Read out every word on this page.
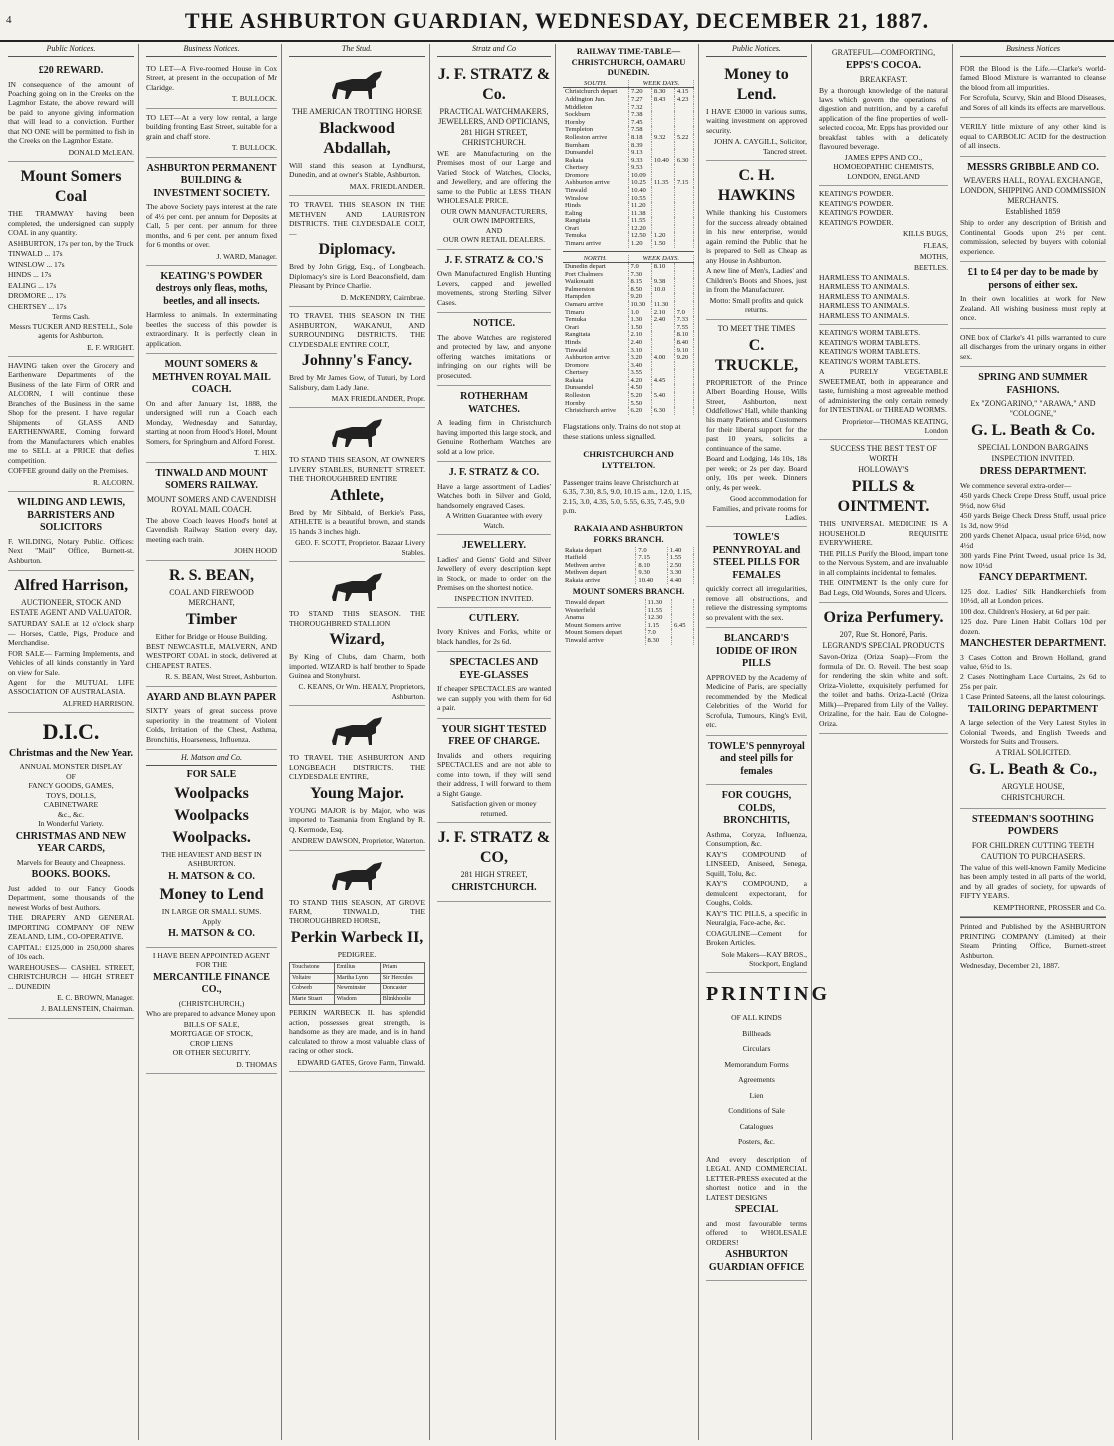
4	THE ASHBURTON GUARDIAN, WEDNESDAY, DECEMBER 21, 1887.
Public Notices.
£20 REWARD.

IN consequence of the amount of Poaching going on in the Creeks on the Lagmhor Estate, the above reward will be paid to anyone giving information that will lead to a conviction. Further that NO ONE will be permitted to fish in the Creeks on the Lagmhor Estate.

DONALD McLEAN.
Mount Somers Coal

THE TRAMWAY having been completed, the undersigned can supply COAL in any quantity.

ASHBURTON, 17s per ton, by the Truck

TINWALD ... 17s

WINSLOW ... 17s

HINDS ... 17s

EALING ... 17s

DROMORE ... 17s

CHERTSEY ... 17s

Terms Cash.
Messrs TUCKER AND RESTELL, Sole agents for Ashburton.
E. F. WRIGHT.

HAVING taken over the Grocery and Earthenware Departments of the Business of the late Firm of ORR and ALCORN, I will continue these Branches of the Business in the same Shop for the present. I have regular Shipments of GLASS AND EARTHENWARE, Coming forward from the Manufacturers which enables me to SELL at a PRICE that defies competition.

COFFEE ground daily on the Premises.

R. ALCORN.
WILDING AND LEWIS, BARRISTERS AND SOLICITORS

F. WILDING, Notary Public. Offices: Next "Mail" Office, Burnett-st. Ashburton.

Alfred Harrison,
AUCTIONEER, STOCK AND ESTATE AGENT AND VALUATOR.

SATURDAY SALE at 12 o'clock sharp — Horses, Cattle, Pigs, Produce and Merchandise.

FOR SALE— Farming Implements, and Vehicles of all kinds constantly in Yard on view for Sale.

Agent for the MUTUAL LIFE ASSOCIATION OF AUSTRALASIA.

ALFRED HARRISON.
D.I.C.
Christmas and the New Year.
ANNUAL MONSTER DISPLAY
OF
FANCY GOODS, GAMES,
TOYS, DOLLS,
CABINETWARE
&c., &c.
In Wonderful Variety.
CHRISTMAS AND NEW YEAR CARDS,
Marvels for Beauty and Cheapness.
BOOKS. BOOKS.

Just added to our Fancy Goods Department, some thousands of the newest Works of best Authors.

THE DRAPERY AND GENERAL IMPORTING COMPANY OF NEW ZEALAND, LIM., CO-OPERATIVE.

CAPITAL: £125,000 in 250,000 shares of 10s each.

WAREHOUSES— CASHEL STREET, CHRISTCHURCH — HIGH STREET ... DUNEDIN

E. C. BROWN, Manager.
J. BALLENSTEIN, Chairman.
Business Notices.

TO LET—A Five-roomed House in Cox Street, at present in the occupation of Mr Claridge.

T. BULLOCK.

TO LET—At a very low rental, a large building fronting East Street, suitable for a grain and chaff store.

T. BULLOCK.
ASHBURTON PERMANENT BUILDING & INVESTMENT SOCIETY.

The above Society pays interest at the rate of 4½ per cent. per annum for Deposits at Call, 5 per cent. per annum for three months, and 6 per cent. per annum fixed for 6 months or over.

J. WARD, Manager.
KEATING'S POWDER destroys only fleas, moths, beetles, and all insects.

Harmless to animals. In exterminating beetles the success of this powder is extraordinary. It is perfectly clean in application.

MOUNT SOMERS & METHVEN ROYAL MAIL COACH.

On and after January 1st, 1888, the undersigned will run a Coach each Monday, Wednesday and Saturday, starting at noon from Hood's Hotel, Mount Somers, for Springburn and Alford Forest.

T. HIX.
TINWALD AND MOUNT SOMERS RAILWAY.
MOUNT SOMERS AND CAVENDISH ROYAL MAIL COACH.

The above Coach leaves Hood's hotel at Cavendish Railway Station every day, meeting each train.

JOHN HOOD
R. S. BEAN,
COAL AND FIREWOOD MERCHANT,
Timber
Either for Bridge or House Building.

BEST NEWCASTLE, MALVERN, AND WESTPORT COAL in stock, delivered at CHEAPEST RATES.

R. S. BEAN, West Street, Ashburton.
AYARD AND BLAYN PAPER

SIXTY years of great success prove superiority in the treatment of Violent Colds, Irritation of the Chest, Asthma, Bronchitis, Hoarseness, Influenza.

H. Matson and Co.
FOR SALE
Woolpacks
Woolpacks
Woolpacks.
THE HEAVIEST AND BEST IN ASHBURTON.
H. MATSON & CO.
Money to Lend
IN LARGE OR SMALL SUMS.
Apply
H. MATSON & CO.
I HAVE BEEN APPOINTED AGENT FOR THE
MERCANTILE FINANCE CO.,
(CHRISTCHURCH,)

Who are prepared to advance Money upon

BILLS OF SALE,
MORTGAGE OF STOCK,
CROP LIENS
OR OTHER SECURITY.
D. THOMAS
The Stud.
THE AMERICAN TROTTING HORSE
Blackwood Abdallah,

Will stand this season at Lyndhurst, Dunedin, and at owner's Stable, Ashburton.

MAX. FRIEDLANDER.

TO TRAVEL THIS SEASON IN THE METHVEN AND LAURISTON DISTRICTS. THE CLYDESDALE COLT,—

Diplomacy.

Bred by John Grigg, Esq., of Longbeach. Diplomacy's sire is Lord Beaconsfield, dam Pleasant by Prince Charlie.

D. McKENDRY, Cairnbrae.

TO TRAVEL THIS SEASON IN THE ASHBURTON, WAKANUI, AND SURROUNDING DISTRICTS. THE CLYDESDALE ENTIRE COLT,

Johnny's Fancy.

Bred by Mr James Gow, of Tuturi, by Lord Salisbury, dam Lady Jane.

MAX FRIEDLANDER, Propr.

TO STAND THIS SEASON, AT OWNER'S LIVERY STABLES, BURNETT STREET. THE THOROUGHBRED ENTIRE

Athlete,

Bred by Mr Sibbald, of Berkie's Pass, ATHLETE is a beautiful brown, and stands 15 hands 3 inches high.

GEO. F. SCOTT, Proprietor. Bazaar Livery Stables.

TO STAND THIS SEASON. THE THOROUGHBRED STALLION

Wizard,

By King of Clubs, dam Charm, both imported. WIZARD is half brother to Spade Guinea and Stonyhurst.

C. KEANS, Or Wm. HEALY, Proprietors, Ashburton.

TO TRAVEL THE ASHBURTON AND LONGBEACH DISTRICTS. THE CLYDESDALE ENTIRE,

Young Major.

YOUNG MAJOR is by Major, who was imported to Tasmania from England by R. Q. Kermode, Esq.

ANDREW DAWSON, Proprietor, Waterton.

TO STAND THIS SEASON, AT GROVE FARM, TINWALD, THE THOROUGHBRED HORSE,

Perkin Warbeck II,
PEDIGREE.
Touchstone	Emilius	Priam
Voltaire	Martha Lynn	Sir Hercules
Cobweb	Newminster	Doncaster
Marie Stuart	Wisdom	Blinkhoolie

PERKIN WARBECK II. has splendid action, possesses great strength, is handsome as they are made, and is in hand calculated to throw a most valuable class of racing or other stock.

EDWARD GATES, Grove Farm, Tinwald.
Stratz and Co
J. F. STRATZ & Co.
PRACTICAL WATCHMAKERS, JEWELLERS, AND OPTICIANS,
281 HIGH STREET, CHRISTCHURCH.

WE are Manufacturing on the Premises most of our Large and Varied Stock of Watches, Clocks, and Jewellery, and are offering the same to the Public at LESS THAN WHOLESALE PRICE.

OUR OWN MANUFACTURERS,
OUR OWN IMPORTERS,
AND
OUR OWN RETAIL DEALERS.
J. F. STRATZ & CO.'S

Own Manufactured English Hunting Levers, capped and jewelled movements, strong Sterling Silver Cases.

NOTICE.

The above Watches are registered and protected by law, and anyone offering watches imitations or infringing on our rights will be prosecuted.

ROTHERHAM WATCHES.

A leading firm in Christchurch having imported this large stock, and Genuine Rotherham Watches are sold at a low price.

J. F. STRATZ & CO.

Have a large assortment of Ladies' Watches both in Silver and Gold, handsomely engraved Cases.

A Written Guarantee with every Watch.
JEWELLERY.

Ladies' and Gents' Gold and Silver Jewellery of every description kept in Stock, or made to order on the Premises on the shortest notice.

INSPECTION INVITED.
CUTLERY.

Ivory Knives and Forks, white or black handles, for 2s 6d.

SPECTACLES AND EYE-GLASSES

If cheaper SPECTACLES are wanted we can supply you with them for 6d a pair.

YOUR SIGHT TESTED FREE OF CHARGE.

Invalids and others requiring SPECTACLES and are not able to come into town, if they will send their address, I will forward to them a Sight Gauge.

Satisfaction given or money returned.
J. F. STRATZ & CO,
281 HIGH STREET,
CHRISTCHURCH.
RAILWAY TIME-TABLE—CHRISTCHURCH, OAMARU DUNEDIN.
SOUTH.	WEEK DAYS.		
Christchurch depart	7.20	8.30	4.15
Addington Jun.	7.27	8.43	4.23
Middleton	7.32		
Sockburn	7.38		
Hornby	7.45		
Templeton	7.58		
Rolleston arrive	8.18	9.32	5.22
Burnham	8.39		
Dunsandel	9.13		
Rakaia	9.33	10.40	6.30
Chertsey	9.53		
Dromore	10.09		
Ashburton arrive	10.25	11.35	7.15
Tinwald	10.40		
Winslow	10.55		
Hinds	11.20		
Ealing	11.38		
Rangitata	11.55		
Orari	12.20		
Temuka	12.50	1.20	
Timaru arrive	1.20	1.50	
NORTH.	WEEK DAYS.		
Dunedin depart	7.0	8.10	
Port Chalmers	7.30		
Waikouaiti	8.15	9.38	
Palmerston	8.50	10.0	
Hampden	9.20		
Oamaru arrive	10.30	11.30	
Timaru	1.0	2.10	7.0
Temuka	1.30	2.40	7.33
Orari	1.50		7.55
Rangitata	2.10		8.10
Hinds	2.40		8.40
Tinwald	3.10		9.10
Ashburton arrive	3.20	4.00	9.20
Dromore	3.40		
Chertsey	3.55		
Rakaia	4.20	4.45	
Dunsandel	4.50		
Rolleston	5.20	5.40	
Hornby	5.50		
Christchurch arrive	6.20	6.30	

Flagstations only. Trains do not stop at these stations unless signalled.

CHRISTCHURCH AND LYTTELTON.

Passenger trains leave Christchurch at 6.35, 7.30, 8.5, 9.0, 10.15 a.m., 12.0, 1.15, 2.15, 3.0, 4.35, 5.0, 5.55, 6.35, 7.45, 9.0 p.m.

RAKAIA AND ASHBURTON FORKS BRANCH.
Rakaia depart	7.0	1.40
Hatfield	7.15	1.55
Methven arrive	8.10	2.50
Methven depart	9.30	3.30
Rakaia arrive	10.40	4.40
MOUNT SOMERS BRANCH.
Tinwald depart	11.30	
Westerfield	11.55	
Anama	12.30	
Mount Somers arrive	1.15	6.45
Mount Somers depart	7.0	
Tinwald arrive	8.30	
Public Notices.
Money to Lend.

I HAVE £3000 in various sums, waiting investment on approved security.

JOHN A. CAYGILL, Solicitor, Tancred street.
C. H. HAWKINS

While thanking his Customers for the success already obtained in his new enterprise, would again remind the Public that he is prepared to Sell as Cheap as any House in Ashburton.

A new line of Men's, Ladies' and Children's Boots and Shoes, just in from the Manufacturer.

Motto: Small profits and quick returns.
TO MEET THE TIMES
C. TRUCKLE,

PROPRIETOR of the Prince Albert Boarding House, Wills Street, Ashburton, next Oddfellows' Hall, while thanking his many Patients and Customers for their liberal support for the past 10 years, solicits a continuance of the same.

Board and Lodging, 14s 10s, 18s per week; or 2s per day. Board only, 10s per week. Dinners only, 4s per week.

Good accommodation for Families, and private rooms for Ladies.
TOWLE'S PENNYROYAL and STEEL PILLS FOR FEMALES

quickly correct all irregularities, remove all obstructions, and relieve the distressing symptoms so prevalent with the sex.

BLANCARD'S IODIDE OF IRON PILLS

APPROVED by the Academy of Medicine of Paris, are specially recommended by the Medical Celebrities of the World for Scrofula, Tumours, King's Evil, etc.

TOWLE'S pennyroyal and steel pills for females
FOR COUGHS, COLDS, BRONCHITIS,

Asthma, Coryza, Influenza, Consumption, &c.

KAY'S COMPOUND of LINSEED, Aniseed, Senega, Squill, Tolu, &c.

KAY'S COMPOUND, a demulcent expectorant, for Coughs, Colds.

KAY'S TIC PILLS, a specific in Neuralgia, Face-ache, &c.

COAGULINE—Cement for Broken Articles.

Sole Makers—KAY BROS., Stockport, England
PRINTING
OF ALL KINDS
Billheads
Circulars
Memorandum Forms
Agreements
Lien
Conditions of Sale
Catalogues
Posters, &c.

And every description of LEGAL AND COMMERCIAL LETTER-PRESS executed at the shortest notice and in the LATEST DESIGNS

SPECIAL

and most favourable terms offered to WHOLESALE ORDERS!

ASHBURTON GUARDIAN OFFICE
GRATEFUL—COMFORTING,
EPPS'S COCOA.
BREAKFAST.

By a thorough knowledge of the natural laws which govern the operations of digestion and nutrition, and by a careful application of the fine properties of well-selected cocoa, Mr. Epps has provided our breakfast tables with a delicately flavoured beverage.

JAMES EPPS AND CO., HOMOEOPATHIC CHEMISTS, LONDON, ENGLAND
KEATING'S POWDER.
KEATING'S POWDER.
KEATING'S POWDER.
KEATING'S POWDER.
KILLS BUGS,
FLEAS,
MOTHS,
BEETLES.
HARMLESS TO ANIMALS.
HARMLESS TO ANIMALS.
HARMLESS TO ANIMALS.
HARMLESS TO ANIMALS.
HARMLESS TO ANIMALS.
KEATING'S WORM TABLETS.
KEATING'S WORM TABLETS.
KEATING'S WORM TABLETS.
KEATING'S WORM TABLETS.

A PURELY VEGETABLE SWEETMEAT, both in appearance and taste, furnishing a most agreeable method of administering the only certain remedy for INTESTINAL or THREAD WORMS.

Proprietor—THOMAS KEATING, London
SUCCESS THE BEST TEST OF WORTH
HOLLOWAY'S
PILLS & OINTMENT.

THIS UNIVERSAL MEDICINE IS A HOUSEHOLD REQUISITE EVERYWHERE.

THE PILLS Purify the Blood, impart tone to the Nervous System, and are invaluable in all complaints incidental to females.

THE OINTMENT Is the only cure for Bad Legs, Old Wounds, Sores and Ulcers.

Oriza Perfumery.
207, Rue St. Honoré, Paris.
LEGRAND'S SPECIAL PRODUCTS

Savon-Oriza (Oriza Soap)—From the formula of Dr. O. Reveil. The best soap for rendering the skin white and soft. Oriza-Violette, exquisitely perfumed for the toilet and baths. Oriza-Lacté (Oriza Milk)—Prepared from Lily of the Valley. Orizaline, for the hair. Eau de Cologne-Oriza.

Business Notices

FOR the Blood is the Life.—Clarke's world-famed Blood Mixture is warranted to cleanse the blood from all impurities.

For Scrofula, Scurvy, Skin and Blood Diseases, and Sores of all kinds its effects are marvellous.

VERILY little mixture of any other kind is equal to CARBOLIC ACID for the destruction of all insects.

MESSRS GRIBBLE AND CO.
WEAVERS HALL, ROYAL EXCHANGE, LONDON, SHIPPING AND COMMISSION MERCHANTS.
Established 1859

Ship to order any description of British and Continental Goods upon 2½ per cent. commission, selected by buyers with colonial experience.

£1 to £4 per day to be made by persons of either sex.

In their own localities at work for New Zealand. All wishing business must reply at once.

ONE box of Clarke's 41 pills warranted to cure all discharges from the urinary organs in either sex.

SPRING AND SUMMER FASHIONS.
Ex "ZONGARINO," "ARAWA," AND "COLOGNE,"
G. L. Beath & Co.
SPECIAL LONDON BARGAINS
INSPECTION INVITED.
DRESS DEPARTMENT.

We commence several extra-order—

450 yards Check Crepe Dress Stuff, usual price 9½d, now 6¾d

450 yards Beige Check Dress Stuff, usual price 1s 3d, now 9½d

200 yards Chenet Alpaca, usual price 6½d, now 4½d

300 yards Fine Print Tweed, usual price 1s 3d, now 10½d

FANCY DEPARTMENT.

125 doz. Ladies' Silk Handkerchiefs from 10½d, all at London prices.

100 doz. Children's Hosiery, at 6d per pair.

125 doz. Pure Linen Habit Collars 10d per dozen.

MANCHESTER DEPARTMENT.

3 Cases Cotton and Brown Holland, grand value, 6½d to 1s.

2 Cases Nottingham Lace Curtains, 2s 6d to 25s per pair.

1 Case Printed Sateens, all the latest colourings.

TAILORING DEPARTMENT

A large selection of the Very Latest Styles in Colonial Tweeds, and English Tweeds and Worsteds for Suits and Trousers.

A TRIAL SOLICITED.
G. L. Beath & Co.,
ARGYLE HOUSE,
CHRISTCHURCH.
STEEDMAN'S SOOTHING POWDERS
FOR CHILDREN CUTTING TEETH
CAUTION TO PURCHASERS.

The value of this well-known Family Medicine has been amply tested in all parts of the world, and by all grades of society, for upwards of FIFTY YEARS.

KEMPTHORNE, PROSSER and Co.

Printed and Published by the ASHBURTON PRINTING COMPANY (Limited) at their Steam Printing Office, Burnett-street Ashburton.

Wednesday, December 21, 1887.
